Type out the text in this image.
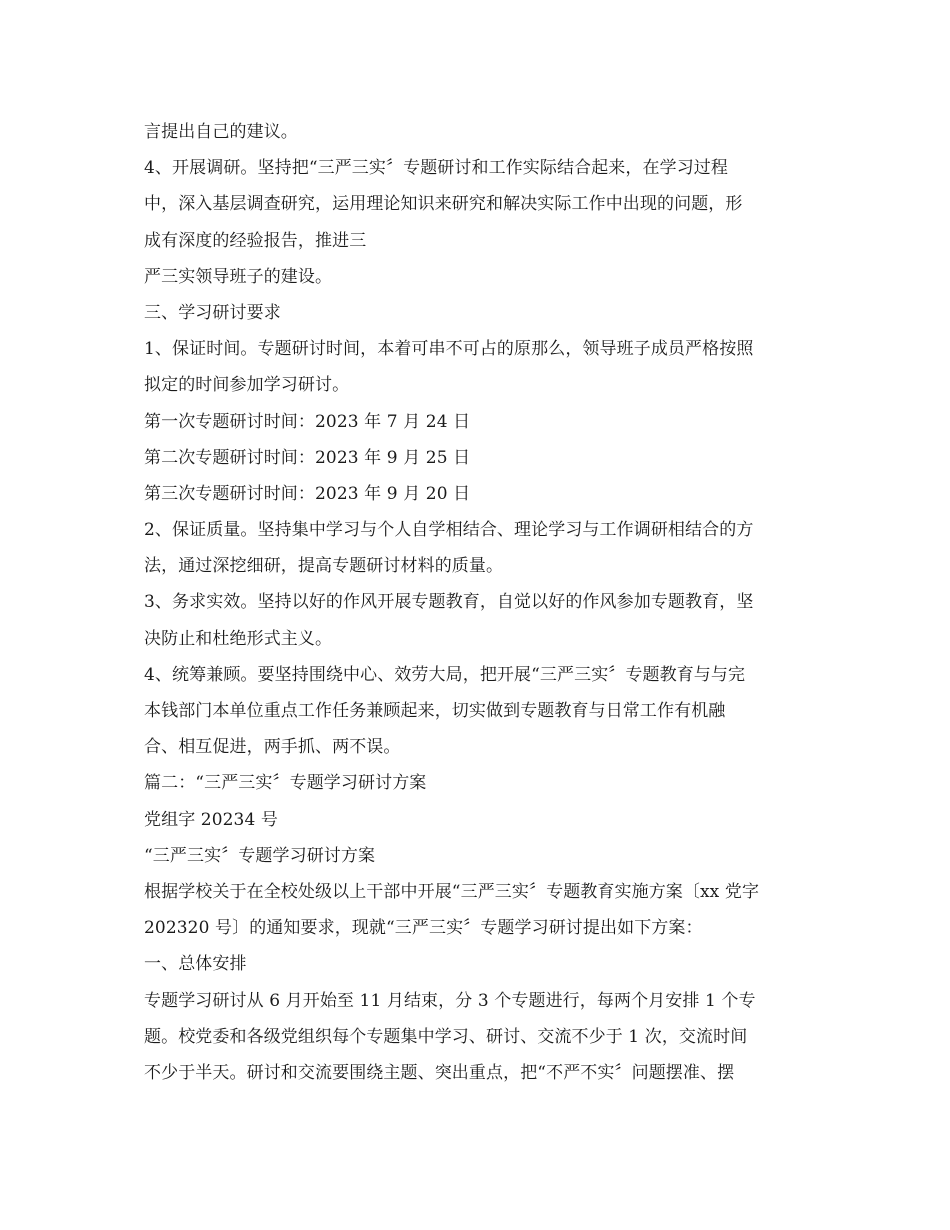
言提出自己的建议。
4、开展调研。坚持把“三严三实〞专题研讨和工作实际结合起来，在学习过程
中，深入基层调查研究，运用理论知识来研究和解决实际工作中出现的问题，形
成有深度的经验报告，推进三
严三实领导班子的建设。
三、学习研讨要求
1、保证时间。专题研讨时间，本着可串不可占的原那么，领导班子成员严格按照
拟定的时间参加学习研讨。
第一次专题研讨时间：2023 年 7 月 24 日
第二次专题研讨时间：2023 年 9 月 25 日
第三次专题研讨时间：2023 年 9 月 20 日
2、保证质量。坚持集中学习与个人自学相结合、理论学习与工作调研相结合的方
法，通过深挖细研，提高专题研讨材料的质量。
3、务求实效。坚持以好的作风开展专题教育，自觉以好的作风参加专题教育，坚
决防止和杜绝形式主义。
4、统筹兼顾。要坚持围绕中心、效劳大局，把开展“三严三实〞专题教育与与完
本钱部门本单位重点工作任务兼顾起来，切实做到专题教育与日常工作有机融
合、相互促进，两手抓、两不误。
篇二：“三严三实〞专题学习研讨方案
党组字 20234 号
“三严三实〞专题学习研讨方案
根据学校关于在全校处级以上干部中开展“三严三实〞专题教育实施方案〔xx 党字
202320 号〕的通知要求，现就“三严三实〞专题学习研讨提出如下方案：
一、总体安排
专题学习研讨从 6 月开始至 11 月结束，分 3 个专题进行，每两个月安排 1 个专
题。校党委和各级党组织每个专题集中学习、研讨、交流不少于 1 次，交流时间
不少于半天。研讨和交流要围绕主题、突出重点，把“不严不实〞问题摆准、摆
